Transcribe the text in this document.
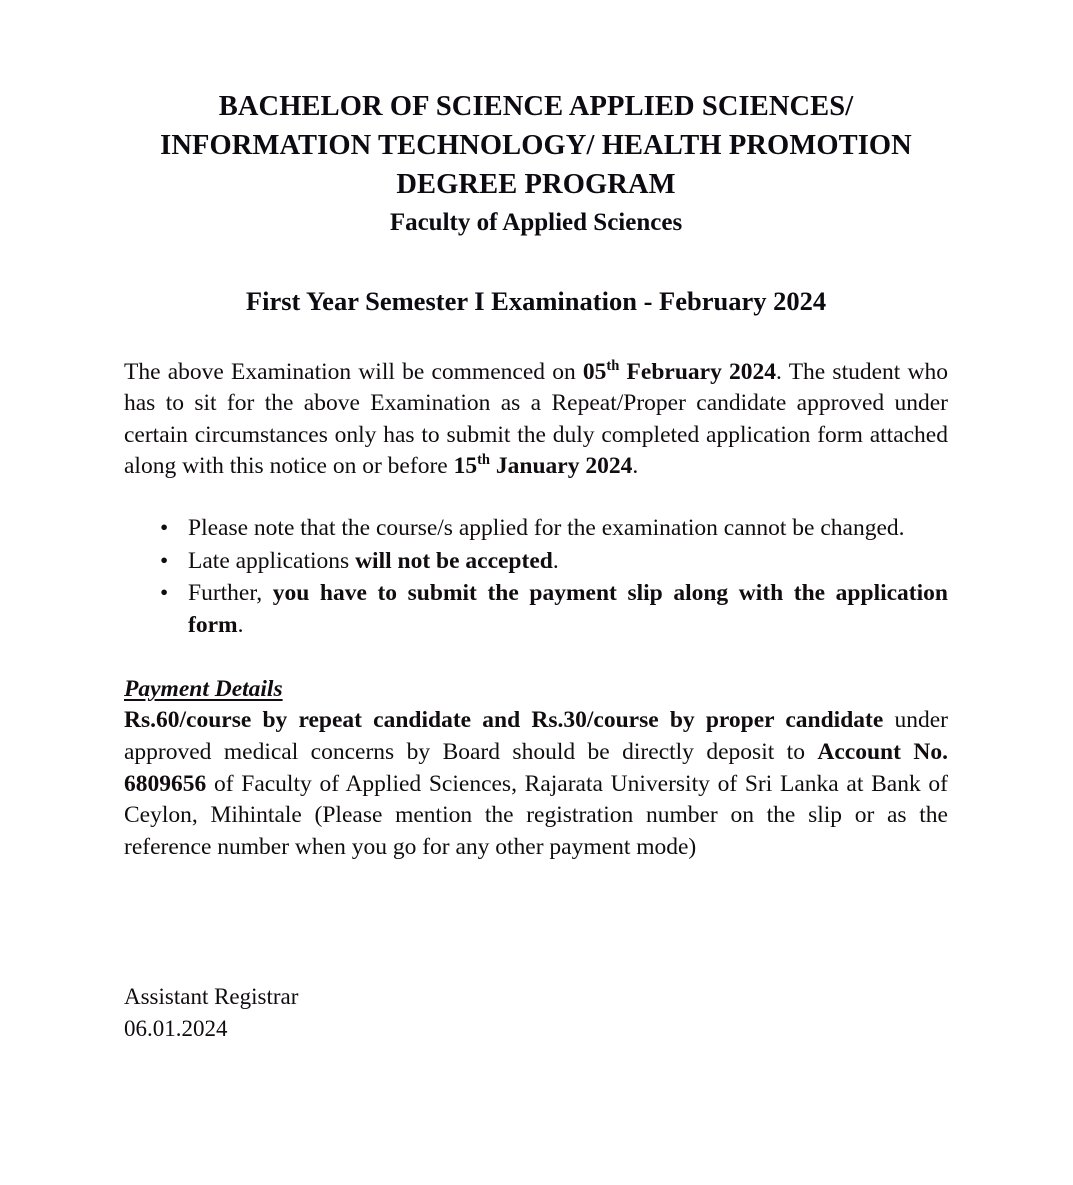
BACHELOR OF SCIENCE APPLIED SCIENCES/
INFORMATION TECHNOLOGY/ HEALTH PROMOTION
DEGREE PROGRAM
Faculty of Applied Sciences
First Year Semester I Examination - February 2024

The above Examination will be commenced on 05th February 2024. The student who has to sit for the above Examination as a Repeat/Proper candidate approved under certain circumstances only has to submit the duly completed application form attached along with this notice on or before 15th January 2024.

• Please note that the course/s applied for the examination cannot be changed.
• Late applications will not be accepted.
• Further, you have to submit the payment slip along with the application form.
Payment Details

Rs.60/course by repeat candidate and Rs.30/course by proper candidate under approved medical concerns by Board should be directly deposit to Account No. 6809656 of Faculty of Applied Sciences, Rajarata University of Sri Lanka at Bank of Ceylon, Mihintale (Please mention the registration number on the slip or as the reference number when you go for any other payment mode)

Assistant Registrar
06.01.2024
